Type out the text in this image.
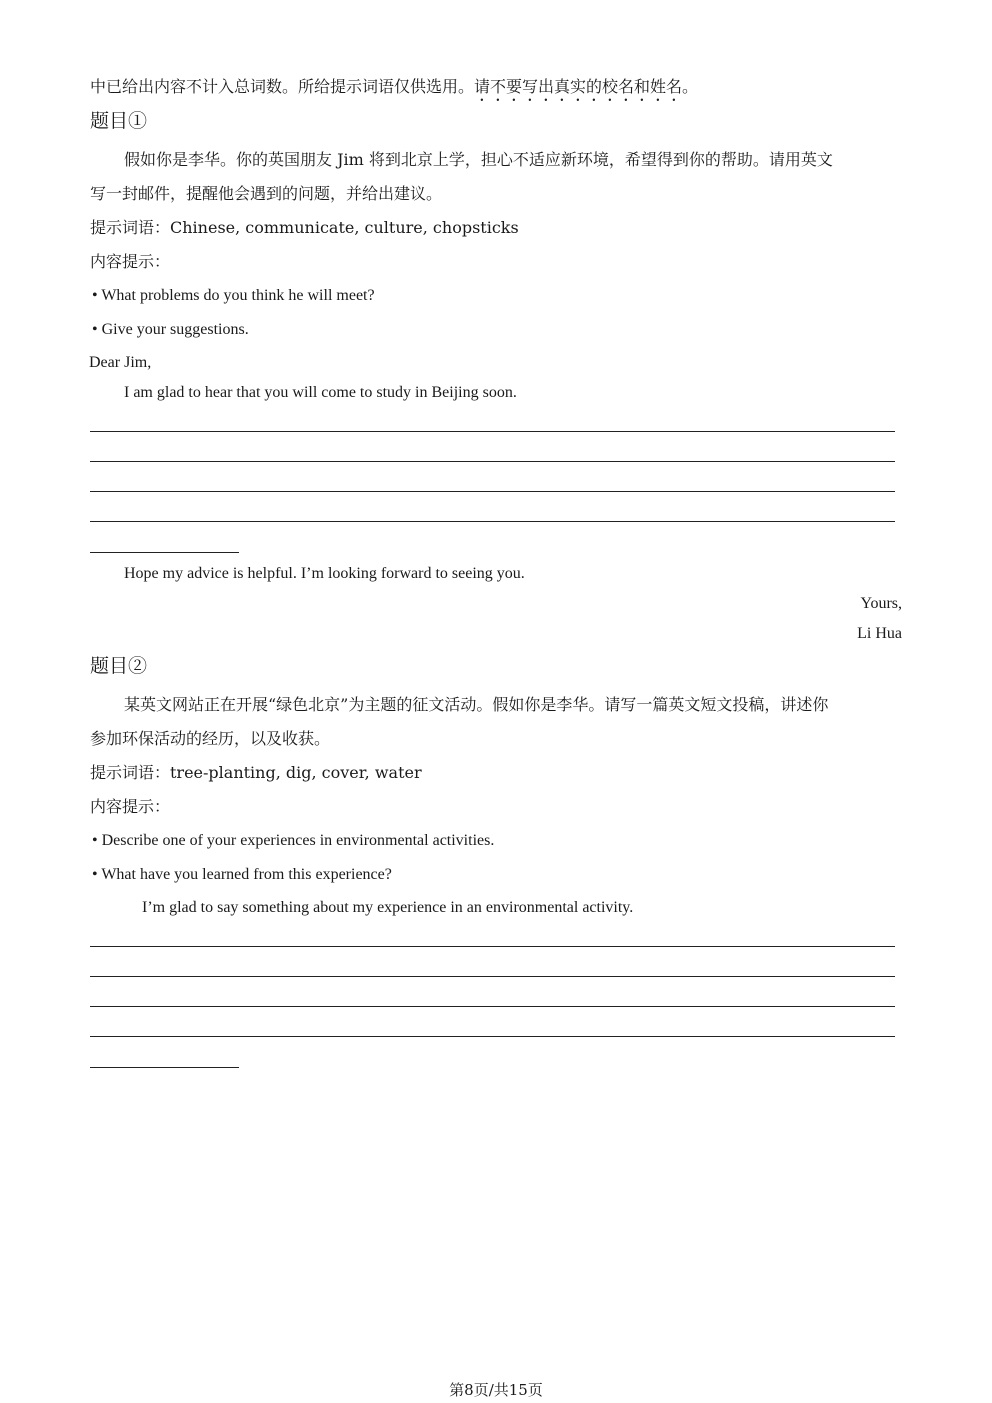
中已给出内容不计入总词数。所给提示词语仅供选用。请不要写出真实的校名和姓名。
题目①
假如你是李华。你的英国朋友 Jim 将到北京上学，担心不适应新环境，希望得到你的帮助。请用英文
写一封邮件，提醒他会遇到的问题，并给出建议。
提示词语：Chinese, communicate, culture, chopsticks
内容提示：
• What problems do you think he will meet?
• Give your suggestions.
Dear Jim,
I am glad to hear that you will come to study in Beijing soon.
Hope my advice is helpful. I’m looking forward to seeing you.
Yours,
Li Hua
题目②
某英文网站正在开展“绿色北京”为主题的征文活动。假如你是李华。请写一篇英文短文投稿，讲述你
参加环保活动的经历，以及收获。
提示词语：tree-planting, dig, cover, water
内容提示：
• Describe one of your experiences in environmental activities.
• What have you learned from this experience?
I’m glad to say something about my experience in an environmental activity.
第8页/共15页
